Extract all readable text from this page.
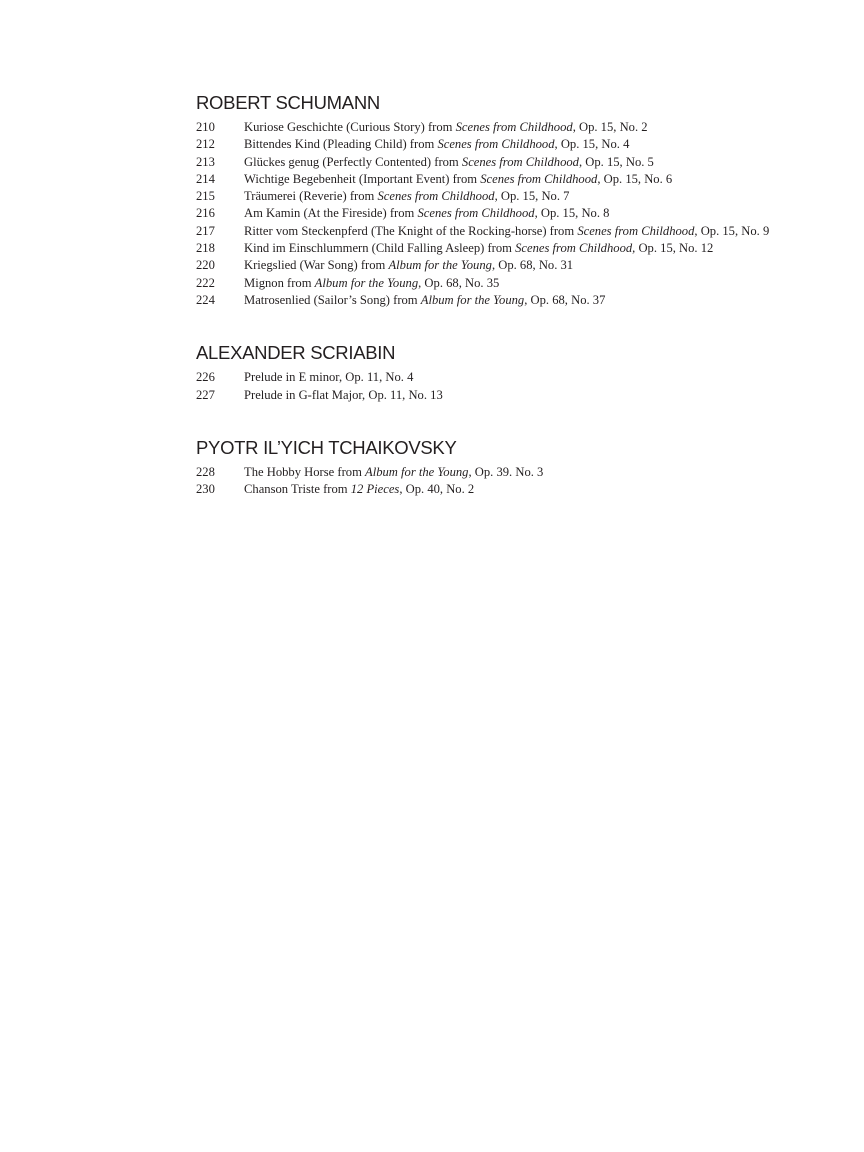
ROBERT SCHUMANN
210	Kuriose Geschichte (Curious Story) from Scenes from Childhood, Op. 15, No. 2
212	Bittendes Kind (Pleading Child) from Scenes from Childhood, Op. 15, No. 4
213	Glückes genug (Perfectly Contented) from Scenes from Childhood, Op. 15, No. 5
214	Wichtige Begebenheit (Important Event) from Scenes from Childhood, Op. 15, No. 6
215	Träumerei (Reverie) from Scenes from Childhood, Op. 15, No. 7
216	Am Kamin (At the Fireside) from Scenes from Childhood, Op. 15, No. 8
217	Ritter vom Steckenpferd (The Knight of the Rocking-horse) from Scenes from Childhood, Op. 15, No. 9
218	Kind im Einschlummern (Child Falling Asleep) from Scenes from Childhood, Op. 15, No. 12
220	Kriegslied (War Song) from Album for the Young, Op. 68, No. 31
222	Mignon from Album for the Young, Op. 68, No. 35
224	Matrosenlied (Sailor’s Song) from Album for the Young, Op. 68, No. 37
ALEXANDER SCRIABIN
226	Prelude in E minor, Op. 11, No. 4
227	Prelude in G-flat Major, Op. 11, No. 13
PYOTR IL’YICH TCHAIKOVSKY
228	The Hobby Horse from Album for the Young, Op. 39. No. 3
230	Chanson Triste from 12 Pieces, Op. 40, No. 2
